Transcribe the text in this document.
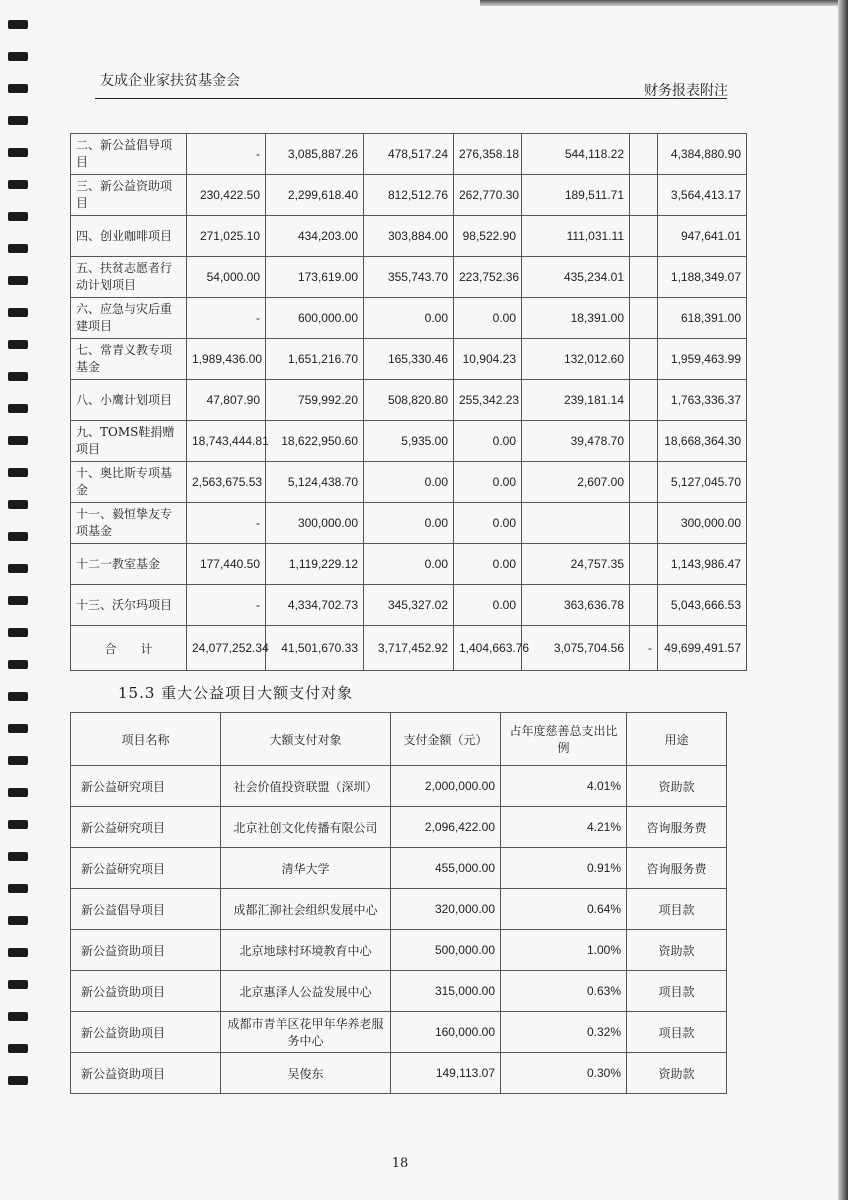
友成企业家扶贫基金会
财务报表附注
二、新公益倡导项目	-	3,085,887.26	478,517.24	276,358.18	544,118.22		4,384,880.90
三、新公益资助项目	230,422.50	2,299,618.40	812,512.76	262,770.30	189,511.71		3,564,413.17
四、创业咖啡项目	271,025.10	434,203.00	303,884.00	98,522.90	111,031.11		947,641.01
五、扶贫志愿者行动计划项目	54,000.00	173,619.00	355,743.70	223,752.36	435,234.01		1,188,349.07
六、应急与灾后重建项目	-	600,000.00	0.00	0.00	18,391.00		618,391.00
七、常青义教专项基金	1,989,436.00	1,651,216.70	165,330.46	10,904.23	132,012.60		1,959,463.99
八、小鹰计划项目	47,807.90	759,992.20	508,820.80	255,342.23	239,181.14		1,763,336.37
九、TOMS鞋捐赠项目	18,743,444.81	18,622,950.60	5,935.00	0.00	39,478.70		18,668,364.30
十、奥比斯专项基金	2,563,675.53	5,124,438.70	0.00	0.00	2,607.00		5,127,045.70
十一、毅恒挚友专项基金	-	300,000.00	0.00	0.00			300,000.00
十二一教室基金	177,440.50	1,119,229.12	0.00	0.00	24,757.35		1,143,986.47
十三、沃尔玛项目	-	4,334,702.73	345,327.02	0.00	363,636.78		5,043,666.53
合　　计	24,077,252.34	41,501,670.33	3,717,452.92	1,404,663.76	3,075,704.56	-	49,699,491.57
15.3 重大公益项目大额支付对象
项目名称	大额支付对象	支付金额（元）	占年度慈善总支出比例	用途
新公益研究项目	社会价值投资联盟（深圳）	2,000,000.00	4.01%	资助款
新公益研究项目	北京社创文化传播有限公司	2,096,422.00	4.21%	咨询服务费
新公益研究项目	清华大学	455,000.00	0.91%	咨询服务费
新公益倡导项目	成都汇泖社会组织发展中心	320,000.00	0.64%	项目款
新公益资助项目	北京地球村环境教育中心	500,000.00	1.00%	资助款
新公益资助项目	北京惠泽人公益发展中心	315,000.00	0.63%	项目款
新公益资助项目	成都市青羊区花甲年华养老服务中心	160,000.00	0.32%	项目款
新公益资助项目	吴俊东	149,113.07	0.30%	资助款
18
